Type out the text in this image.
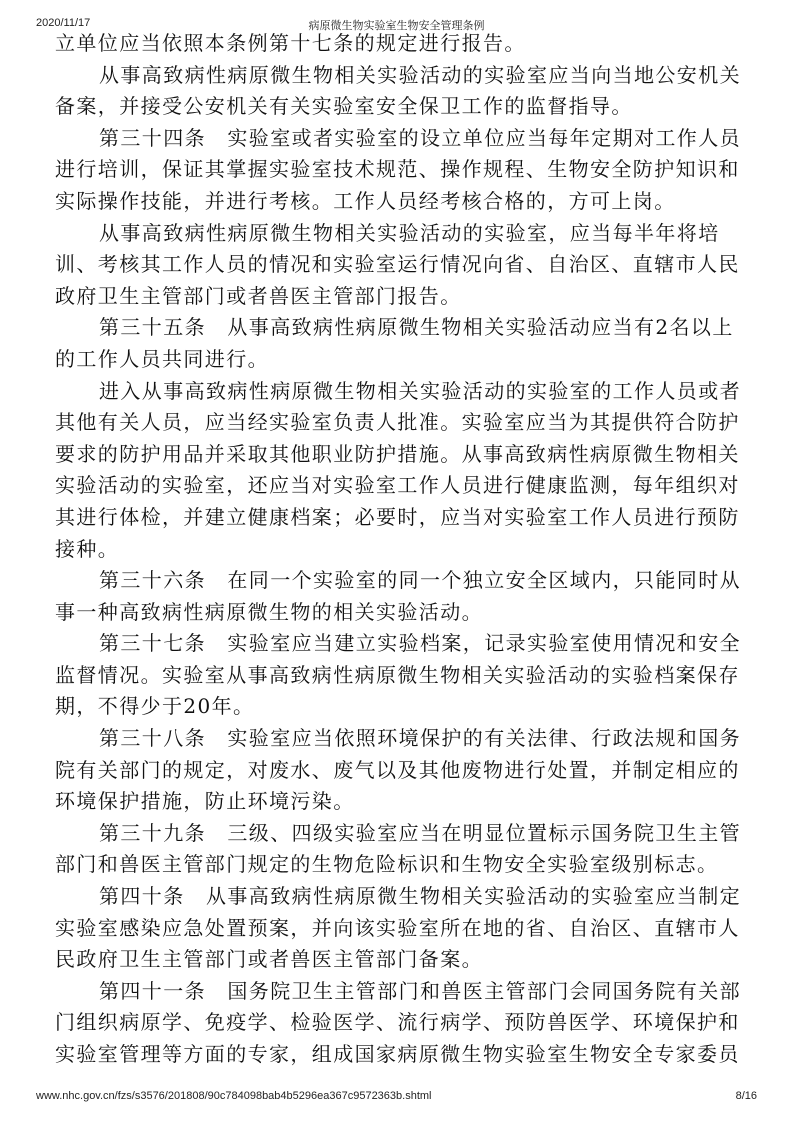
2020/11/17	病原微生物实验室生物安全管理条例
立单位应当依照本条例第十七条的规定进行报告。
从事高致病性病原微生物相关实验活动的实验室应当向当地公安机关
备案，并接受公安机关有关实验室安全保卫工作的监督指导。
第三十四条　实验室或者实验室的设立单位应当每年定期对工作人员
进行培训，保证其掌握实验室技术规范、操作规程、生物安全防护知识和
实际操作技能，并进行考核。工作人员经考核合格的，方可上岗。
从事高致病性病原微生物相关实验活动的实验室，应当每半年将培
训、考核其工作人员的情况和实验室运行情况向省、自治区、直辖市人民
政府卫生主管部门或者兽医主管部门报告。
第三十五条　从事高致病性病原微生物相关实验活动应当有2名以上
的工作人员共同进行。
进入从事高致病性病原微生物相关实验活动的实验室的工作人员或者
其他有关人员，应当经实验室负责人批准。实验室应当为其提供符合防护
要求的防护用品并采取其他职业防护措施。从事高致病性病原微生物相关
实验活动的实验室，还应当对实验室工作人员进行健康监测，每年组织对
其进行体检，并建立健康档案；必要时，应当对实验室工作人员进行预防
接种。
第三十六条　在同一个实验室的同一个独立安全区域内，只能同时从
事一种高致病性病原微生物的相关实验活动。
第三十七条　实验室应当建立实验档案，记录实验室使用情况和安全
监督情况。实验室从事高致病性病原微生物相关实验活动的实验档案保存
期，不得少于20年。
第三十八条　实验室应当依照环境保护的有关法律、行政法规和国务
院有关部门的规定，对废水、废气以及其他废物进行处置，并制定相应的
环境保护措施，防止环境污染。
第三十九条　三级、四级实验室应当在明显位置标示国务院卫生主管
部门和兽医主管部门规定的生物危险标识和生物安全实验室级别标志。
第四十条　从事高致病性病原微生物相关实验活动的实验室应当制定
实验室感染应急处置预案，并向该实验室所在地的省、自治区、直辖市人
民政府卫生主管部门或者兽医主管部门备案。
第四十一条　国务院卫生主管部门和兽医主管部门会同国务院有关部
门组织病原学、免疫学、检验医学、流行病学、预防兽医学、环境保护和
实验室管理等方面的专家，组成国家病原微生物实验室生物安全专家委员
www.nhc.gov.cn/fzs/s3576/201808/90c784098bab4b5296ea367c9572363b.shtml	8/16
